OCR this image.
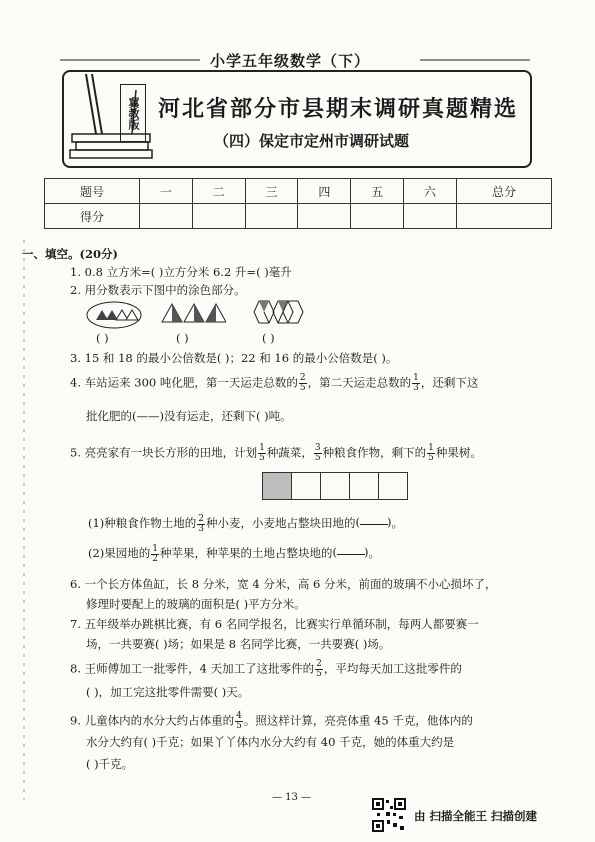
小学五年级数学（下）
冀教版 河北省部分市县期末调研真题精选
（四）保定市定州市调研试题
题号	一	二	三	四	五	六	总分
得分							
一、填空。(20分)
1. 0.8 立方米=( )立方分米 6.2 升=( )毫升
2. 用分数表示下图中的涂色部分。
( )	( )	( )
3. 15 和 18 的最小公倍数是( )；22 和 16 的最小公倍数是( )。
4. 车站运来 300 吨化肥，第一天运走总数的 $\frac{2}{5}$ ，第二天运走总数的 $\frac{1}{3}$ ，还剩下这
批化肥的(——)没有运走，还剩下( )吨。
5. 亮亮家有一块长方形的田地，计划 $\frac{1}{5}$ 种蔬菜， $\frac{3}{5}$ 种粮食作物，剩下的 $\frac{1}{5}$ 种果树。
(1)种粮食作物土地的 $\frac{2}{3}$ 种小麦，小麦地占整块田地的 (
)	。
(2)果园地的 $\frac{1}{2}$ 种苹果，种苹果的土地占整块地的 (
)	。
6. 一个长方体鱼缸，长 8 分米，宽 4 分米，高 6 分米，前面的玻璃不小心损坏了，
修理时要配上的玻璃的面积是( )平方分米。
7. 五年级举办跳棋比赛，有 6 名同学报名，比赛实行单循环制，每两人都要赛一
场，一共要赛( )场；如果是 8 名同学比赛，一共要赛( )场。
8. 王师傅加工一批零件，4 天加工了这批零件的 $\frac{2}{5}$ ，平均每天加工这批零件的
( )，加工完这批零件需要( )天。
9. 儿童体内的水分大约占体重的 $\frac{4}{5}$ 。照这样计算，亮亮体重 45 千克，他体内的
水分大约有( )千克；如果丫丫体内水分大约有 40 千克，她的体重大约是
( )千克。
— 13 —
由 扫描全能王 扫描创建
